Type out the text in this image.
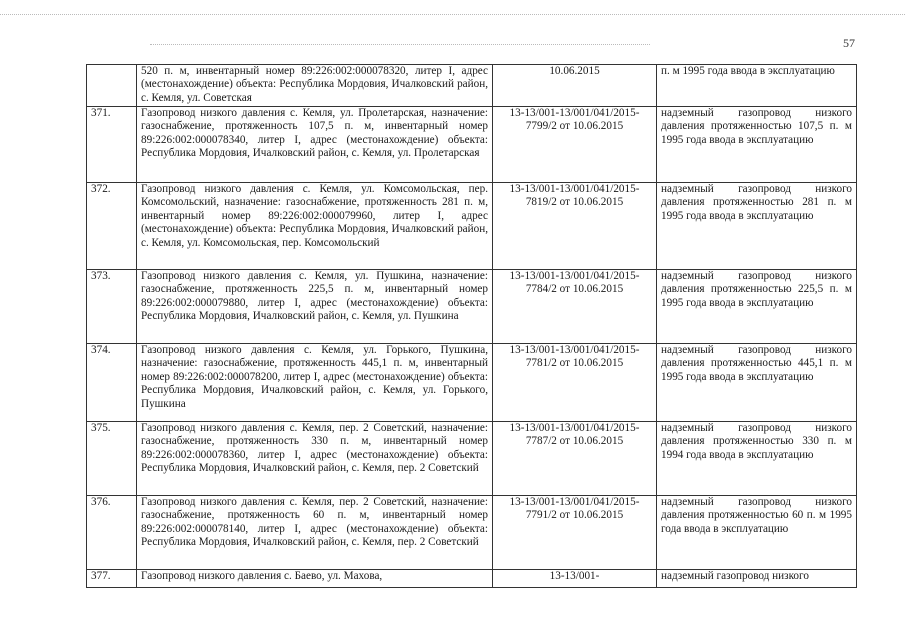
57
	520 п. м, инвентарный номер 89:226:002:000078320, литер I, адрес (местонахождение) объекта: Республика Мордовия, Ичалковский район, с. Кемля, ул. Советская	10.06.2015	п. м 1995 года ввода в эксплуатацию
371.	Газопровод низкого давления с. Кемля, ул. Пролетарская, назначение: газоснабжение, протяженность 107,5 п. м, инвентарный номер 89:226:002:000078340, литер I, адрес (местонахождение) объекта: Республика Мордовия, Ичалковский район, с. Кемля, ул. Пролетарская	13-13/001-13/001/041/2015-7799/2 от 10.06.2015	надземный газопровод низкого давления протяженностью 107,5 п. м 1995 года ввода в эксплуатацию
372.	Газопровод низкого давления с. Кемля, ул. Комсомольская, пер. Комсомольский, назначение: газоснабжение, протяженность 281 п. м, инвентарный номер 89:226:002:000079960, литер I, адрес (местонахождение) объекта: Республика Мордовия, Ичалковский район, с. Кемля, ул. Комсомольская, пер. Комсомольский	13-13/001-13/001/041/2015-7819/2 от 10.06.2015	надземный газопровод низкого давления протяженностью 281 п. м 1995 года ввода в эксплуатацию
373.	Газопровод низкого давления с. Кемля, ул. Пушкина, назначение: газоснабжение, протяженность 225,5 п. м, инвентарный номер 89:226:002:000079880, литер I, адрес (местонахождение) объекта: Республика Мордовия, Ичалковский район, с. Кемля, ул. Пушкина	13-13/001-13/001/041/2015-7784/2 от 10.06.2015	надземный газопровод низкого давления протяженностью 225,5 п. м 1995 года ввода в эксплуатацию
374.	Газопровод низкого давления с. Кемля, ул. Горького, Пушкина, назначение: газоснабжение, протяженность 445,1 п. м, инвентарный номер 89:226:002:000078200, литер I, адрес (местонахождение) объекта: Республика Мордовия, Ичалковский район, с. Кемля, ул. Горького, Пушкина	13-13/001-13/001/041/2015-7781/2 от 10.06.2015	надземный газопровод низкого давления протяженностью 445,1 п. м 1995 года ввода в эксплуатацию
375.	Газопровод низкого давления с. Кемля, пер. 2 Советский, назначение: газоснабжение, протяженность 330 п. м, инвентарный номер 89:226:002:000078360, литер I, адрес (местонахождение) объекта: Республика Мордовия, Ичалковский район, с. Кемля, пер. 2 Советский	13-13/001-13/001/041/2015-7787/2 от 10.06.2015	надземный газопровод низкого давления протяженностью 330 п. м 1994 года ввода в эксплуатацию
376.	Газопровод низкого давления с. Кемля, пер. 2 Советский, назначение: газоснабжение, протяженность 60 п. м, инвентарный номер 89:226:002:000078140, литер I, адрес (местонахождение) объекта: Республика Мордовия, Ичалковский район, с. Кемля, пер. 2 Советский	13-13/001-13/001/041/2015-7791/2 от 10.06.2015	надземный газопровод низкого давления протяженностью 60 п. м 1995 года ввода в эксплуатацию
377.	Газопровод низкого давления с. Баево, ул. Махова,	13-13/001-	надземный газопровод низкого
